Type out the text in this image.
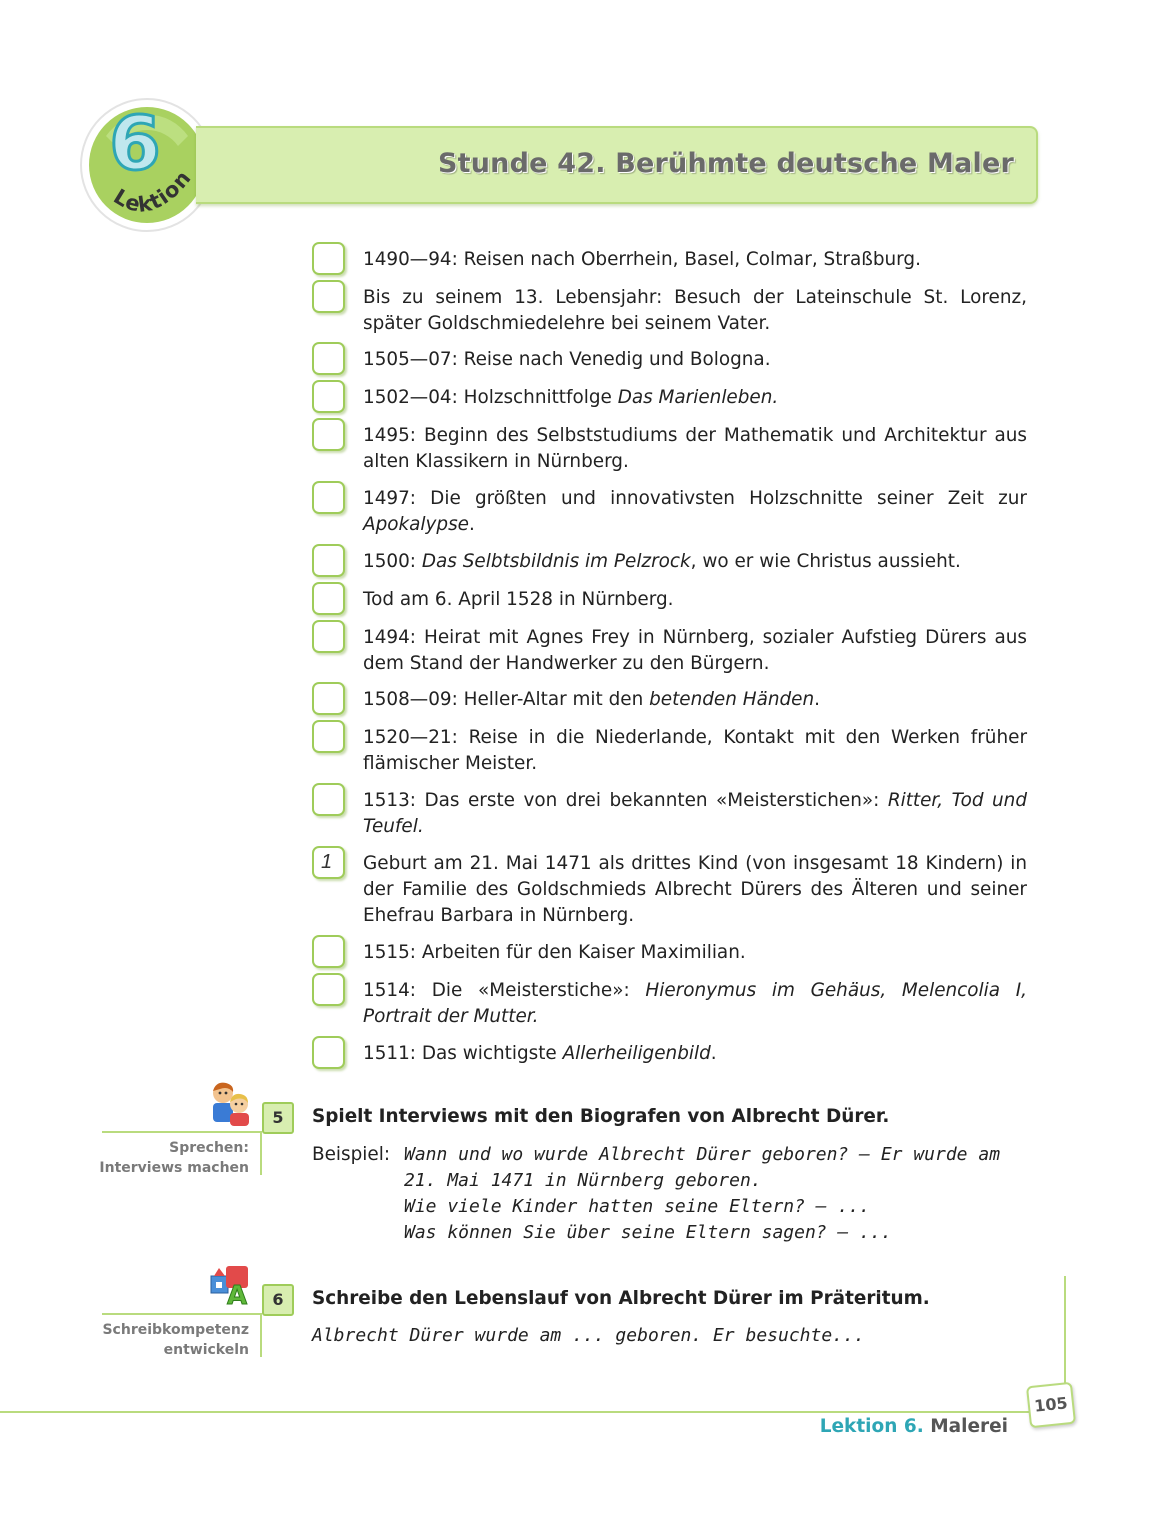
6
Lektion
Stunde 42. Berühmte deutsche Maler
1490—94: Reisen nach Oberrhein, Basel, Colmar, Straßburg.
Bis zu seinem 13. Lebensjahr: Besuch der Lateinschule St. Lorenz, später Goldschmiedelehre bei seinem Vater.
1505—07: Reise nach Venedig und Bologna.
1502—04: Holzschnittfolge Das Marienleben.
1495: Beginn des Selbststudiums der Mathematik und Architektur aus alten Klassikern in Nürnberg.
1497: Die größten und innovativsten Holzschnitte seiner Zeit zur Apokalypse.
1500: Das Selbtsbildnis im Pelzrock, wo er wie Christus aussieht.
Tod am 6. April 1528 in Nürnberg.
1494: Heirat mit Agnes Frey in Nürnberg, sozialer Aufstieg Dürers aus dem Stand der Handwerker zu den Bürgern.
1508—09: Heller-Altar mit den betenden Händen.
1520—21: Reise in die Niederlande, Kontakt mit den Werken früher flämischer Meister.
1513: Das erste von drei bekannten «Meisterstichen»: Ritter, Tod und Teufel.
1	Geburt am 21. Mai 1471 als drittes Kind (von insgesamt 18 Kindern) in der Familie des Goldschmieds Albrecht Dürers des Älteren und seiner Ehefrau Barbara in Nürnberg.
1515: Arbeiten für den Kaiser Maximilian.
1514: Die «Meisterstiche»: Hieronymus im Gehäus, Melencolia I, Portrait der Mutter.
1511: Das wichtigste Allerheiligenbild.
5
Sprechen:
Interviews machen
Spielt Interviews mit den Biografen von Albrecht Dürer.
Beispiel: Wann und wo wurde Albrecht Dürer geboren? — Er wurde am
21. Mai 1471 in Nürnberg geboren.
Wie viele Kinder hatten seine Eltern? — ...
Was können Sie über seine Eltern sagen? — ...
A	6
Schreibkompetenz
entwickeln
Schreibe den Lebenslauf von Albrecht Dürer im Präteritum.
Albrecht Dürer wurde am ... geboren. Er besuchte...
105
Lektion 6. Malerei
